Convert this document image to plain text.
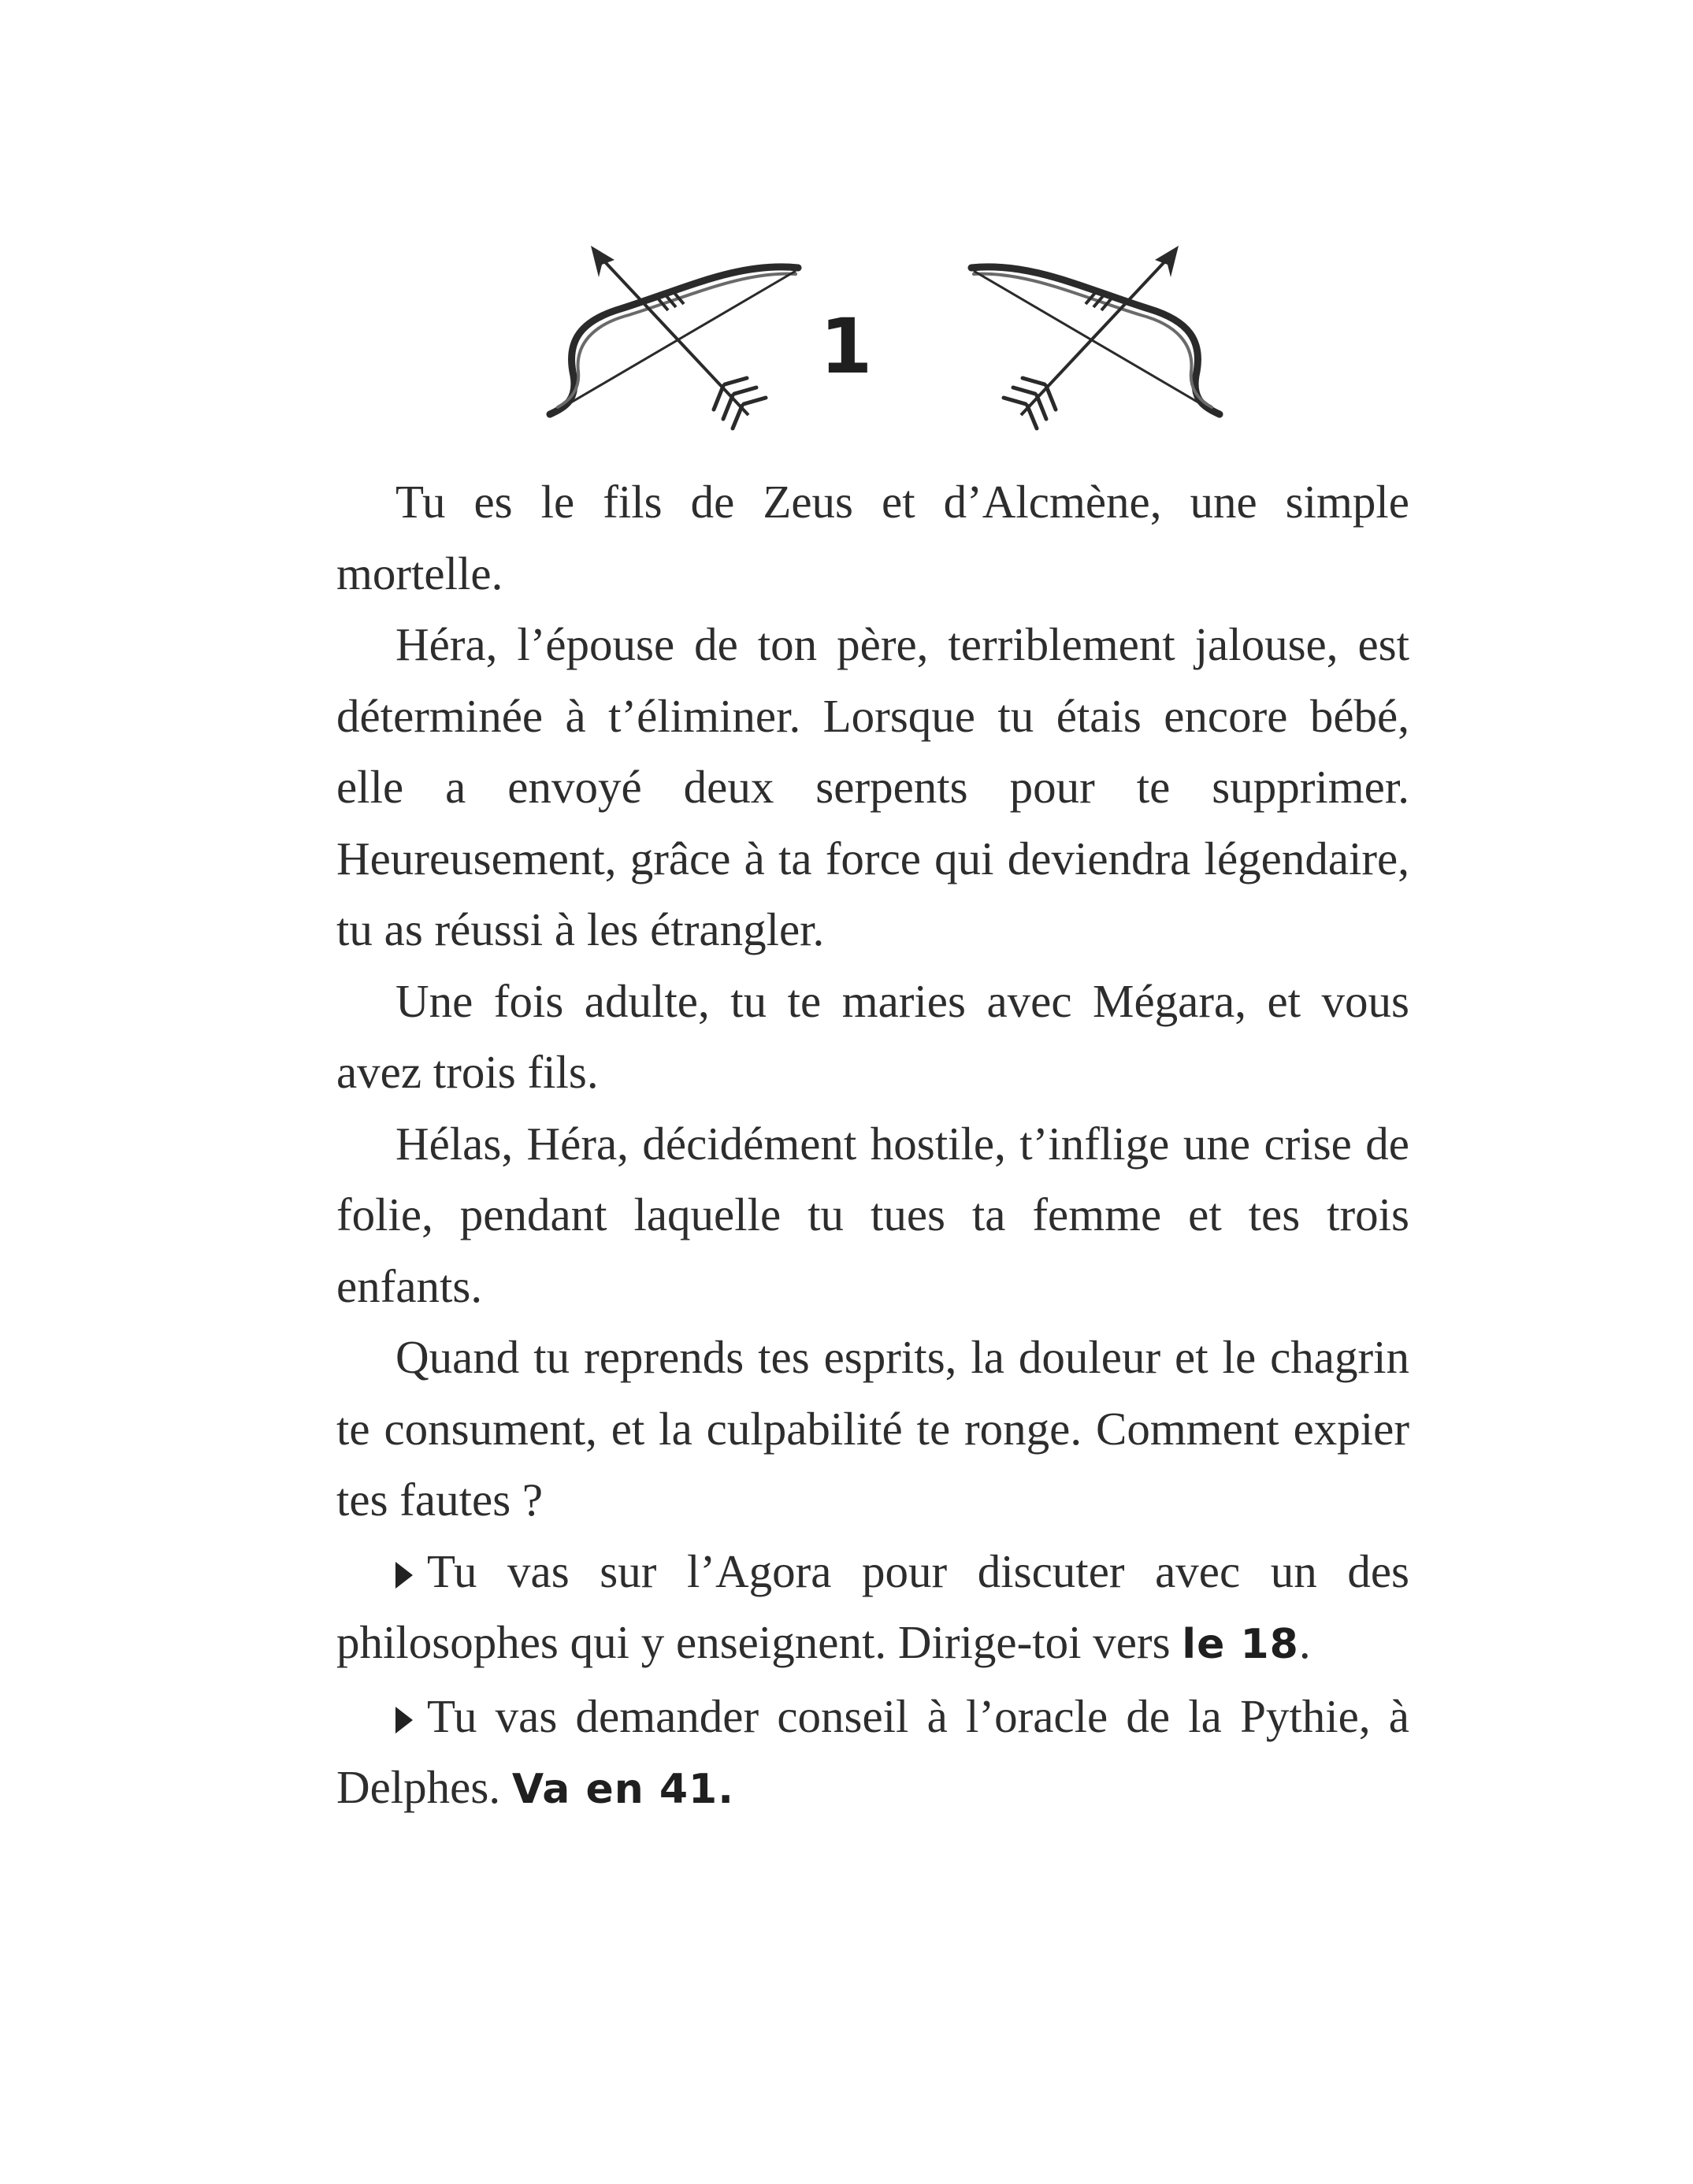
1

Tu es le fils de Zeus et d’Alcmène, une simple mortelle.

Héra, l’épouse de ton père, terriblement jalouse, est déterminée à t’éliminer. Lorsque tu étais encore bébé, elle a envoyé deux serpents pour te supprimer. Heureusement, grâce à ta force qui deviendra légendaire, tu as réussi à les étrangler.

Une fois adulte, tu te maries avec Mégara, et vous avez trois fils.

Hélas, Héra, décidément hostile, t’inflige une crise de folie, pendant laquelle tu tues ta femme et tes trois enfants.

Quand tu reprends tes esprits, la douleur et le chagrin te consument, et la culpabilité te ronge. Comment expier tes fautes ?

Tu vas sur l’Agora pour discuter avec un des philosophes qui y enseignent. Dirige-toi vers le 18.

Tu vas demander conseil à l’oracle de la Pythie, à Delphes. Va en 41.
